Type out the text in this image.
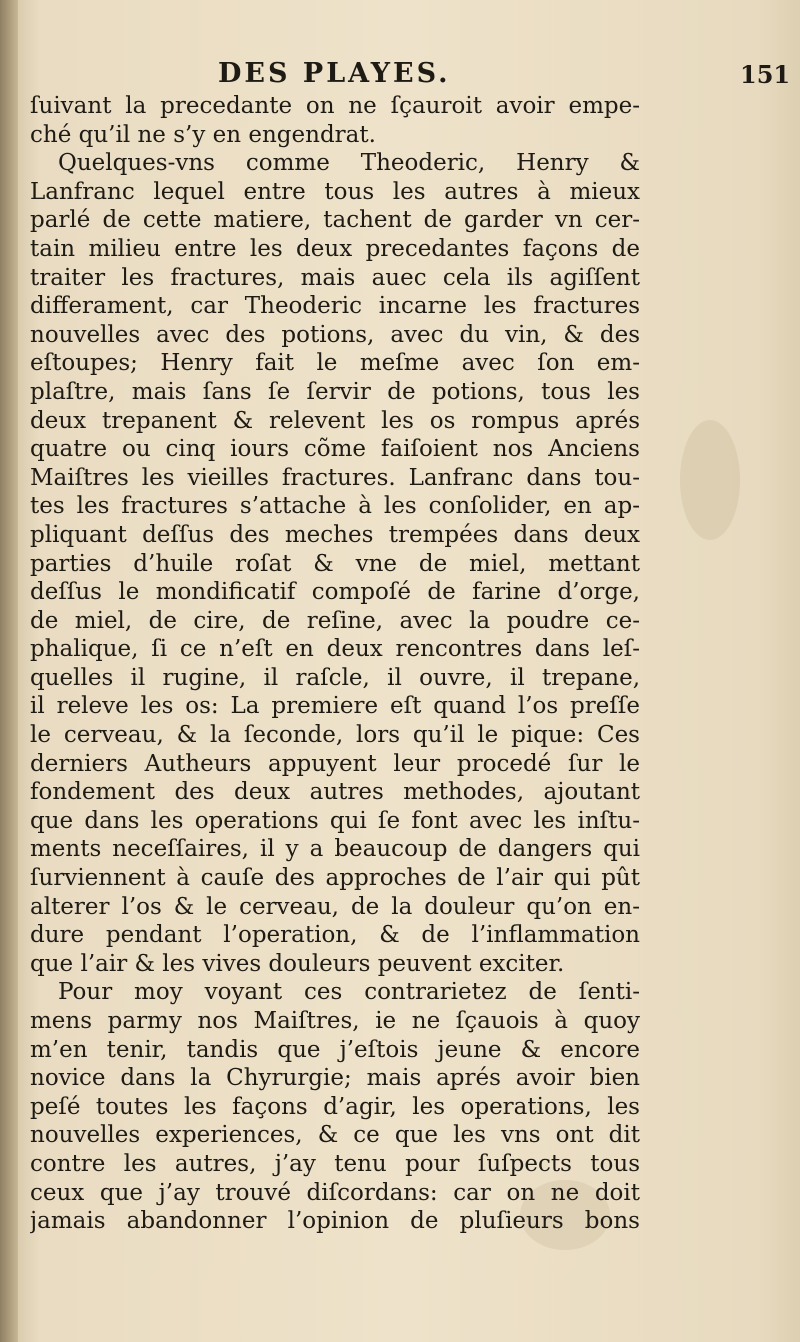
DES PLAYES.	151
ſuivant la precedante on ne ſçauroit avoir empe-
ché qu’il ne s’y en engendrat.
Quelques-vns comme Theoderic, Henry &
Lanfranc lequel entre tous les autres à mieux
parlé de cette matiere, tachent de garder vn cer-
tain milieu entre les deux precedantes façons de
traiter les fractures, mais auec cela ils agiſſent
differament, car Theoderic incarne les fractures
nouvelles avec des potions, avec du vin, & des
eſtoupes; Henry fait le meſme avec ſon em-
plaſtre, mais ſans ſe ſervir de potions, tous les
deux trepanent & relevent les os rompus aprés
quatre ou cinq iours cõme faiſoient nos Anciens
Maiſtres les vieilles fractures. Lanfranc dans tou-
tes les fractures s’attache à les conſolider, en ap-
pliquant deſſus des meches trempées dans deux
parties d’huile roſat & vne de miel, mettant
deſſus le mondificatif compoſé de farine d’orge,
de miel, de cire, de reſine, avec la poudre ce-
phalique, ſi ce n’eſt en deux rencontres dans leſ-
quelles il rugine, il raſcle, il ouvre, il trepane,
il releve les os: La premiere eſt quand l’os preſſe
le cerveau, & la ſeconde, lors qu’il le pique: Ces
derniers Autheurs appuyent leur procedé ſur le
fondement des deux autres methodes, ajoutant
que dans les operations qui ſe font avec les inſtu-
ments neceſſaires, il y a beaucoup de dangers qui
ſurviennent à cauſe des approches de l’air qui pût
alterer l’os & le cerveau, de la douleur qu’on en-
dure pendant l’operation, & de l’inflammation
que l’air & les vives douleurs peuvent exciter.
Pour moy voyant ces contrarietez de ſenti-
mens parmy nos Maiſtres, ie ne ſçauois à quoy
m’en tenir, tandis que j’eſtois jeune & encore
novice dans la Chyrurgie; mais aprés avoir bien
peſé toutes les façons d’agir, les operations, les
nouvelles experiences, & ce que les vns ont dit
contre les autres, j’ay tenu pour ſuſpects tous
ceux que j’ay trouvé diſcordans: car on ne doit
jamais abandonner l’opinion de pluſieurs bons
